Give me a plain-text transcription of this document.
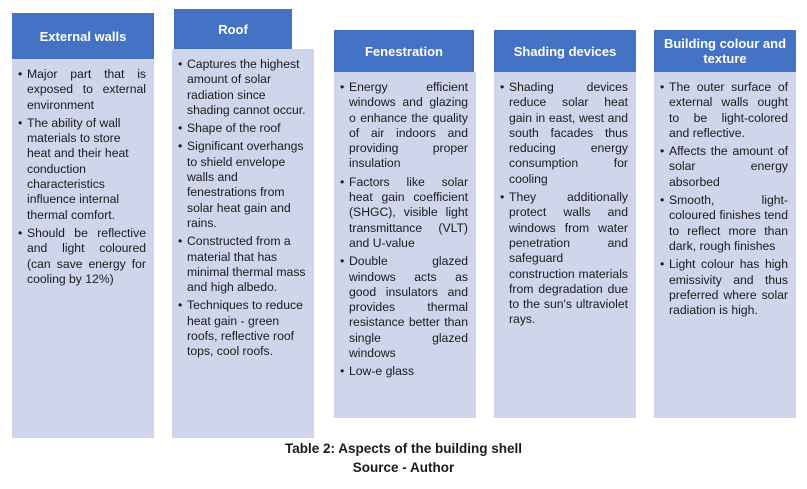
External walls
• Major part that is exposed to external environment
• The ability of wall materials to store heat and their heat conduction characteristics influence internal thermal comfort.
• Should be reflective and light coloured (can save energy for cooling by 12%)
Roof
• Captures the highest amount of solar radiation since shading cannot occur.
• Shape of the roof
• Significant overhangs to shield envelope walls and fenestrations from solar heat gain and rains.
• Constructed from a material that has minimal thermal mass and high albedo.
• Techniques to reduce heat gain - green roofs, reflective roof tops, cool roofs.
Fenestration
• Energy efficient windows and glazing o enhance the quality of air indoors and providing proper insulation
• Factors like solar heat gain coefficient (SHGC), visible light transmittance (VLT) and U-value
• Double glazed windows acts as good insulators and provides thermal resistance better than single glazed windows
• Low-e glass
Shading devices
• Shading devices reduce solar heat gain in east, west and south facades thus reducing energy consumption for cooling
• They additionally protect walls and windows from water penetration and safeguard construction materials from degradation due to the sun's ultraviolet rays.
Building colour and texture
• The outer surface of external walls ought to be light-colored and reflective.
• Affects the amount of solar energy absorbed
• Smooth, light-coloured finishes tend to reflect more than dark, rough finishes
• Light colour has high emissivity and thus preferred where solar radiation is high.
Table 2: Aspects of the building shell
Source - Author
